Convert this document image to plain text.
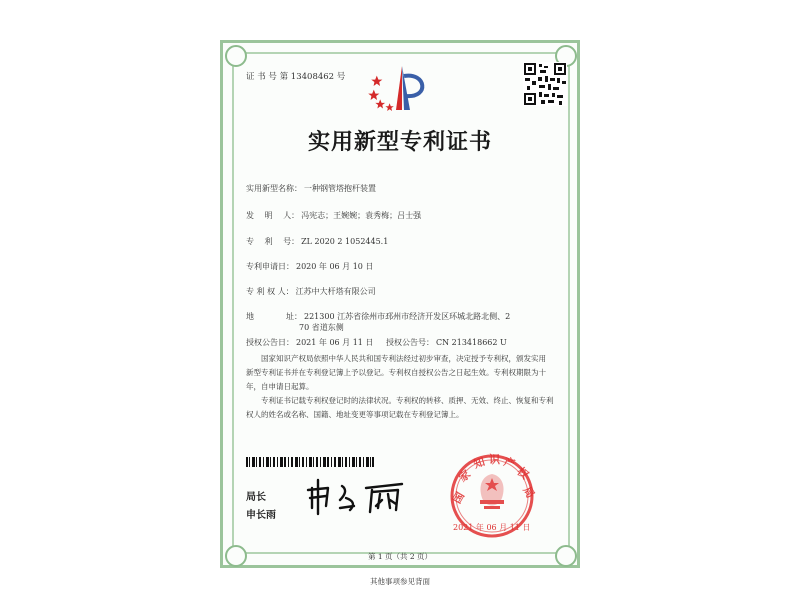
证 书 号 第 13408462 号
实用新型专利证书
实用新型名称： 一种钢管塔抱杆装置
发　 明　 人： 冯宪志；王婉婉；袁秀梅；吕士强
专　 利　 号： ZL 2020 2 1052445.1
专利申请日： 2020 年 06 月 10 日
专 利 权 人： 江苏中大杆塔有限公司
地　　　　址： 221300 江苏省徐州市邳州市经济开发区环城北路北侧、2
70 省道东侧
授权公告日： 2021 年 06 月 11 日 授权公告号： CN 213418662 U
国家知识产权局依照中华人民共和国专利法经过初步审查，决定授予专利权，颁发实用
新型专利证书并在专利登记簿上予以登记。专利权自授权公告之日起生效。专利权期限为十
年，自申请日起算。
专利证书记载专利权登记时的法律状况。专利权的转移、质押、无效、终止、恢复和专利
权人的姓名或名称、国籍、地址变更等事项记载在专利登记簿上。
局长
申长雨
国
家
知 识 产
权
局
2021 年 06 月 11 日
第 1 页（共 2 页）
其他事项参见背面
